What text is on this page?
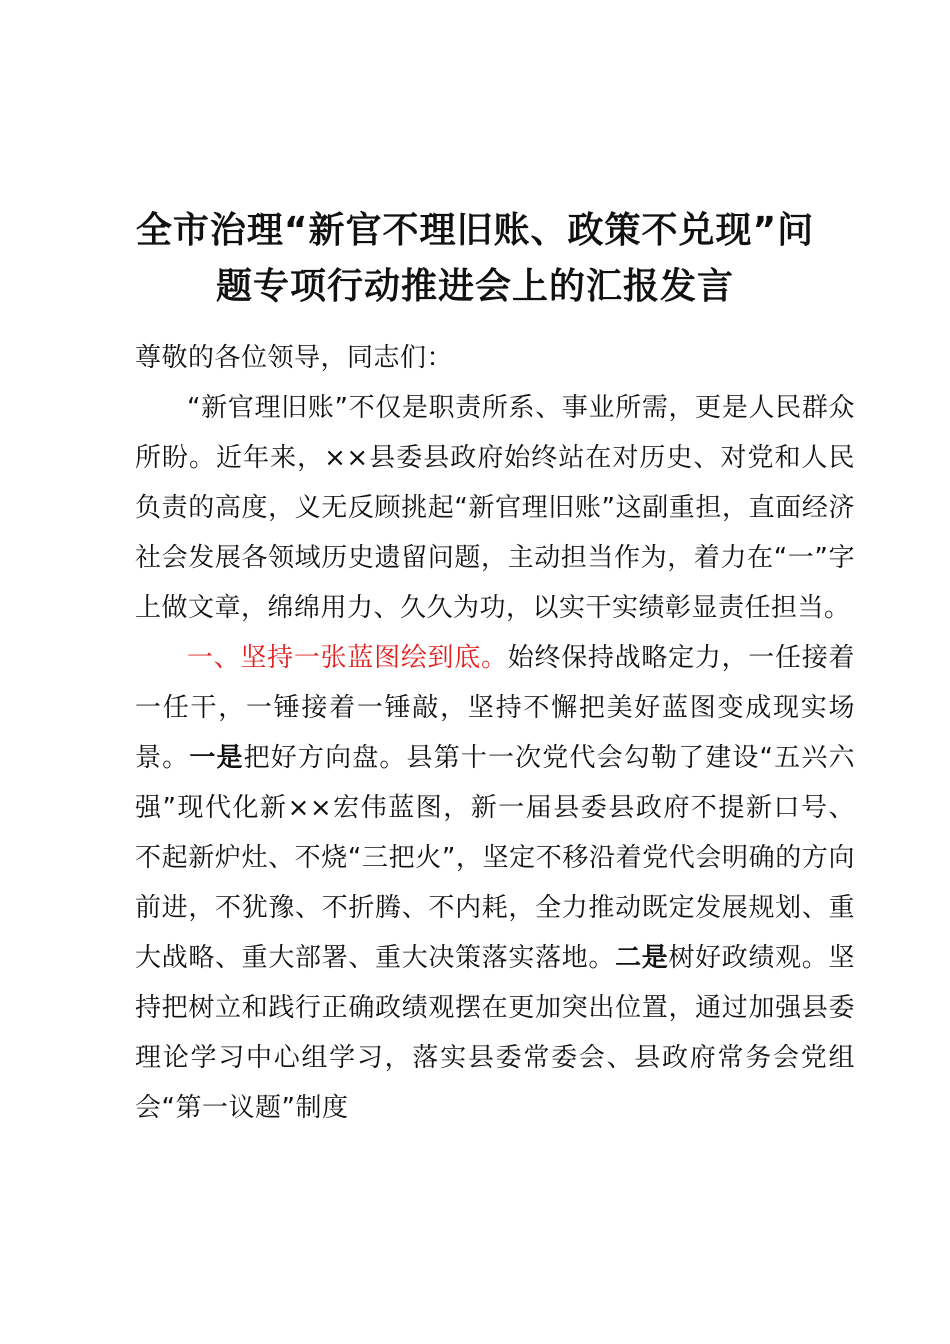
全市治理“新官不理旧账、政策不兑现”问
题专项行动推进会上的汇报发言

尊敬的各位领导，同志们：

“新官理旧账”不仅是职责所系、事业所需，更是人民群众所盼。近年来，××县委县政府始终站在对历史、对党和人民负责的高度，义无反顾挑起“新官理旧账”这副重担，直面经济社会发展各领域历史遗留问题，主动担当作为，着力在“一”字上做文章，绵绵用力、久久为功，以实干实绩彰显责任担当。

一、坚持一张蓝图绘到底。始终保持战略定力，一任接着一任干，一锤接着一锤敲，坚持不懈把美好蓝图变成现实场景。一是把好方向盘。县第十一次党代会勾勒了建设“五兴六强”现代化新××宏伟蓝图，新一届县委县政府不提新口号、不起新炉灶、不烧“三把火”，坚定不移沿着党代会明确的方向前进，不犹豫、不折腾、不内耗，全力推动既定发展规划、重大战略、重大部署、重大决策落实落地。二是树好政绩观。坚持把树立和践行正确政绩观摆在更加突出位置，通过加强县委理论学习中心组学习，落实县委常委会、县政府常务会党组会“第一议题”制度
